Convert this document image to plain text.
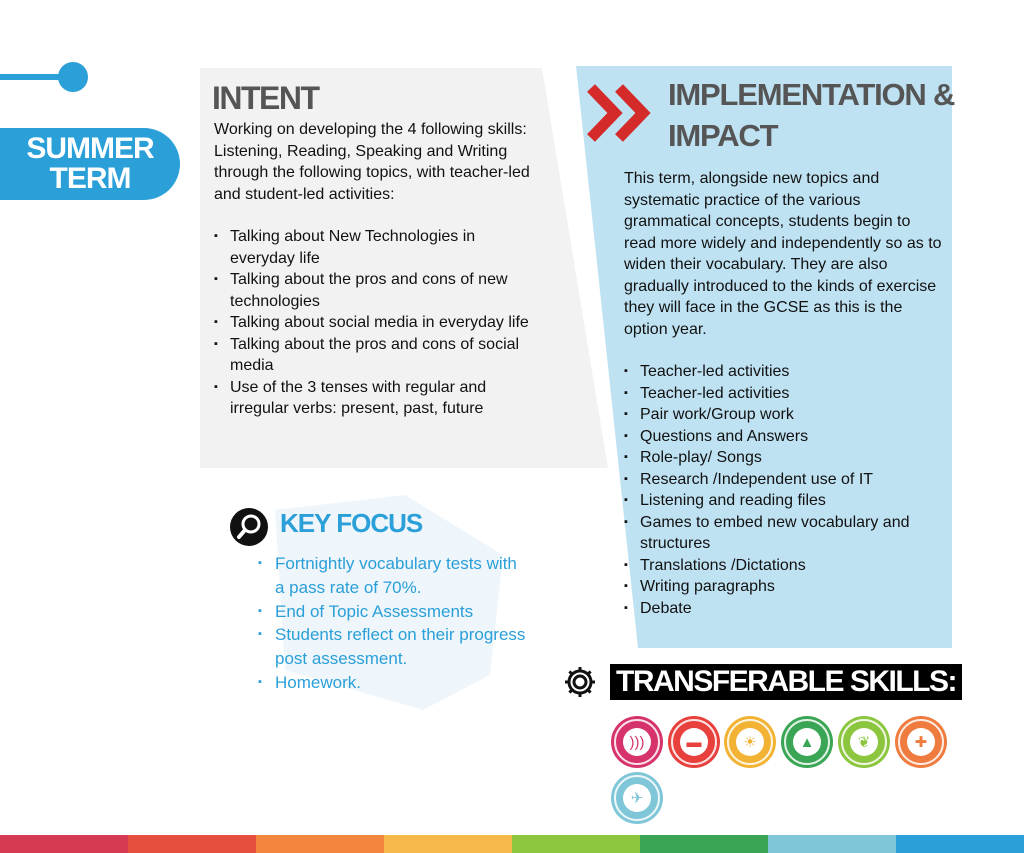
SUMMER
TERM
INTENT
Working on developing the 4 following skills: Listening, Reading, Speaking and Writing through the following topics, with teacher-led and student-led activities:
▪ Talking about New Technologies in everyday life
▪ Talking about the pros and cons of new technologies
▪ Talking about social media in everyday life
▪ Talking about the pros and cons of social media
▪ Use of the 3 tenses with regular and irregular verbs: present, past, future
KEY FOCUS
▪ Fortnightly vocabulary tests with a pass rate of 70%.
▪ End of Topic Assessments
▪ Students reflect on their progress post assessment.
▪ Homework.
IMPLEMENTATION &
IMPACT
This term, alongside new topics and systematic practice of the various grammatical concepts, students begin to read more widely and independently so as to widen their vocabulary. They are also gradually introduced to the kinds of exercise they will face in the GCSE as this is the option year.
▪ Teacher-led activities
▪ Teacher-led activities
▪ Pair work/Group work
▪ Questions and Answers
▪ Role-play/ Songs
▪ Research /Independent use of IT
▪ Listening and reading files
▪ Games to embed new vocabulary and structures
▪ Translations /Dictations
▪ Writing paragraphs
▪ Debate
TRANSFERABLE SKILLS:
)))	▬	☀	▲	❦	✚
✈
